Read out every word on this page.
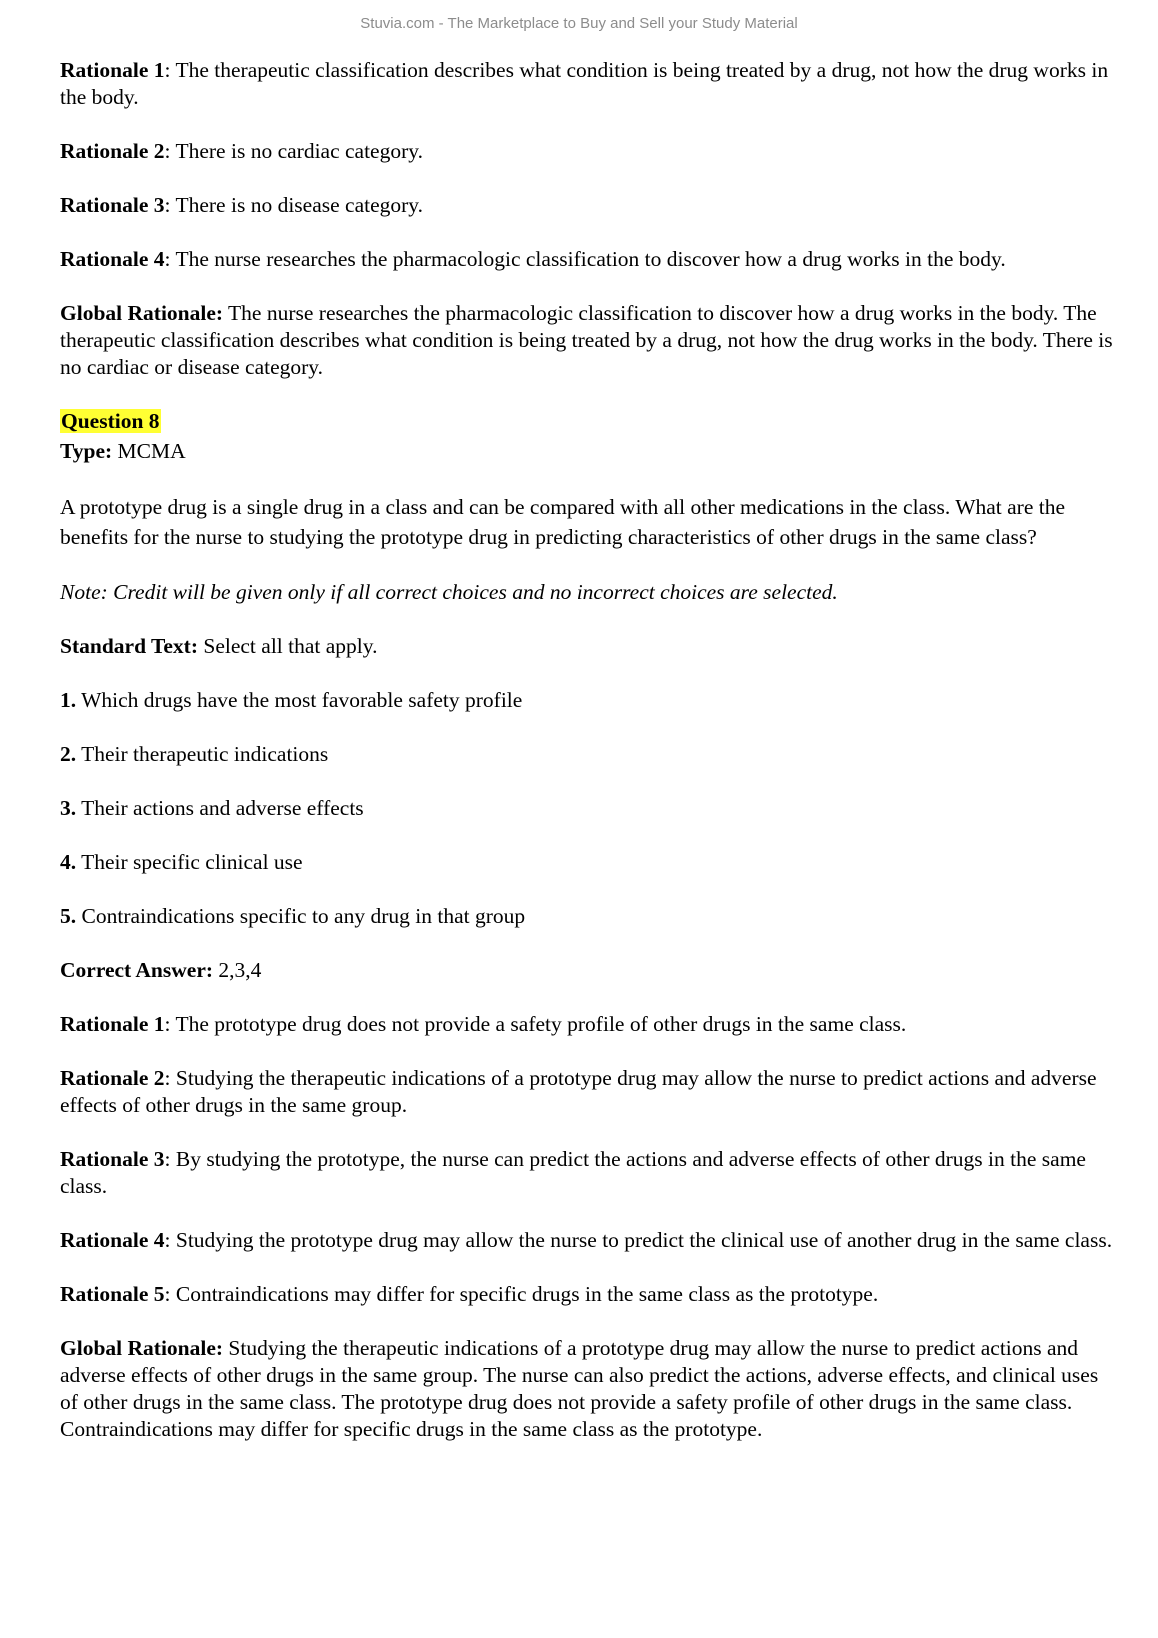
Stuvia.com - The Marketplace to Buy and Sell your Study Material

Rationale 1: The therapeutic classification describes what condition is being treated by a drug, not how the drug works in the body.

Rationale 2: There is no cardiac category.

Rationale 3: There is no disease category.

Rationale 4: The nurse researches the pharmacologic classification to discover how a drug works in the body.

Global Rationale: The nurse researches the pharmacologic classification to discover how a drug works in the body. The therapeutic classification describes what condition is being treated by a drug, not how the drug works in the body. There is no cardiac or disease category.

Question 8

Type: MCMA

A prototype drug is a single drug in a class and can be compared with all other medications in the class. What are the benefits for the nurse to studying the prototype drug in predicting characteristics of other drugs in the same class?

Note: Credit will be given only if all correct choices and no incorrect choices are selected.

Standard Text: Select all that apply.

1. Which drugs have the most favorable safety profile

2. Their therapeutic indications

3. Their actions and adverse effects

4. Their specific clinical use

5. Contraindications specific to any drug in that group

Correct Answer: 2,3,4

Rationale 1: The prototype drug does not provide a safety profile of other drugs in the same class.

Rationale 2: Studying the therapeutic indications of a prototype drug may allow the nurse to predict actions and adverse effects of other drugs in the same group.

Rationale 3: By studying the prototype, the nurse can predict the actions and adverse effects of other drugs in the same class.

Rationale 4: Studying the prototype drug may allow the nurse to predict the clinical use of another drug in the same class.

Rationale 5: Contraindications may differ for specific drugs in the same class as the prototype.

Global Rationale: Studying the therapeutic indications of a prototype drug may allow the nurse to predict actions and adverse effects of other drugs in the same group. The nurse can also predict the actions, adverse effects, and clinical uses of other drugs in the same class. The prototype drug does not provide a safety profile of other drugs in the same class. Contraindications may differ for specific drugs in the same class as the prototype.
